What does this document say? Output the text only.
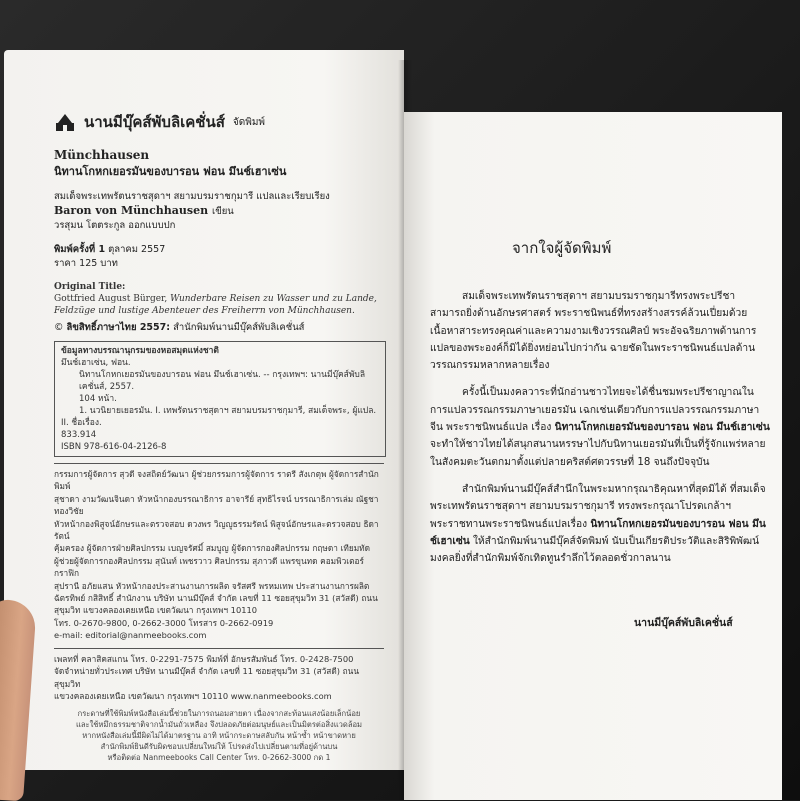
นานมีบุ๊คส์พับลิเคชั่นส์ จัดพิมพ์
Münchhausen
นิทานโกหกเยอรมันของบารอน ฟอน มึนช์เฮาเซ่น
สมเด็จพระเทพรัตนราชสุดาฯ สยามบรมราชกุมารี แปลและเรียบเรียง
Baron von Münchhausen เขียน
วรสุมน โตตระกูล ออกแบบปก
พิมพ์ครั้งที่ 1 ตุลาคม 2557
ราคา 125 บาท
Original Title:
Gottfried August Bürger, Wunderbare Reisen zu Wasser und zu Lande, Feldzüge und lustige Abenteuer des Freiherrn von Münchhausen.
© ลิขสิทธิ์ภาษาไทย 2557: สำนักพิมพ์นานมีบุ๊คส์พับลิเคชั่นส์
ข้อมูลทางบรรณานุกรมของหอสมุดแห่งชาติ
มึนช์เฮาเซ่น, ฟอน.
นิทานโกหกเยอรมันของบารอน ฟอน มึนช์เฮาเซ่น. -- กรุงเทพฯ: นานมีบุ๊คส์พับลิเคชั่นส์, 2557.
104 หน้า.
1. นวนิยายเยอรมัน. I. เทพรัตนราชสุดาฯ สยามบรมราชกุมารี, สมเด็จพระ, ผู้แปล.
II. ชื่อเรื่อง.
833.914
ISBN 978-616-04-2126-8
กรรมการผู้จัดการ สุวดี จงสถิตย์วัฒนา ผู้ช่วยกรรมการผู้จัดการ ราตรี สังเกตุพ ผู้จัดการสำนักพิมพ์
สุชาดา งามวัฒนจินดา หัวหน้ากองบรรณาธิการ อาจารีย์ สุทธิไรจน์ บรรณาธิการเล่ม ณัฐชา ทองวิชัย
หัวหน้ากองพิสูจน์อักษรและตรวจสอบ ดวงพร วิญญูธรรมรัตน์ พิสูจน์อักษรและตรวจสอบ ธิดารัตน์
คุ้มครอง ผู้จัดการฝ่ายศิลปกรรม เบญจรัศมิ์ สมบูญ ผู้จัดการกองศิลปกรรม กฤษดา เทียมทัด
ผู้ช่วยผู้จัดการกองศิลปกรรม สุนันท์ เพชรวาว ศิลปกรรม สุภาวดี แพรขุนทด คอมพิวเตอร์กราฟิก
สุปรานี อภัยแสน หัวหน้ากองประสานงานการผลิต จรัสศรี พรหมเทพ ประสานงานการผลิต
ฉัตรทิพย์ กสิสิทธิ์ สำนักงาน บริษัท นานมีบุ๊คส์ จำกัด เลขที่ 11 ซอยสุขุมวิท 31 (สวัสดี) ถนน
สุขุมวิท แขวงคลองเตยเหนือ เขตวัฒนา กรุงเทพฯ 10110
โทร. 0-2670-9800, 0-2662-3000 โทรสาร 0-2662-0919
e-mail: editorial@nanmeebooks.com
เพลทที่ คลาสิคสแกน โทร. 0-2291-7575 พิมพ์ที่ อักษรสัมพันธ์ โทร. 0-2428-7500
จัดจำหน่ายทั่วประเทศ บริษัท นานมีบุ๊คส์ จำกัด เลขที่ 11 ซอยสุขุมวิท 31 (สวัสดี) ถนนสุขุมวิท
แขวงคลองเตยเหนือ เขตวัฒนา กรุงเทพฯ 10110 www.nanmeebooks.com
กระดาษที่ใช้พิมพ์หนังสือเล่มนี้ช่วยในการถนอมสายตา เนื่องจากสะท้อนแสงน้อยเล็กน้อย
และใช้หมึกธรรมชาติจากน้ำมันถั่วเหลือง จึงปลอดภัยต่อมนุษย์และเป็นมิตรต่อสิ่งแวดล้อม
หากหนังสือเล่มนี้มีผิดไม่ได้มาตรฐาน อาทิ หน้ากระดาษสลับกัน หน้าซ้ำ หน้าขาดหาย
สำนักพิมพ์ยินดีรับผิดชอบเปลี่ยนใหม่ให้ โปรดส่งไปเปลี่ยนตามที่อยู่ด้านบน
หรือติดต่อ Nanmeebooks Call Center โทร. 0-2662-3000 กด 1
จากใจผู้จัดพิมพ์

สมเด็จพระเทพรัตนราชสุดาฯ สยามบรมราชกุมารีทรงพระปรีชาสามารถยิ่งด้านอักษรศาสตร์ พระราชนิพนธ์ที่ทรงสร้างสรรค์ล้วนเปี่ยมด้วยเนื้อหาสาระทรงคุณค่าและความงามเชิงวรรณศิลป์ พระอัจฉริยภาพด้านการแปลของพระองค์ก็มิได้ยิ่งหย่อนไปกว่ากัน ฉายชัดในพระราชนิพนธ์แปลด้านวรรณกรรมหลากหลายเรื่อง

ครั้งนี้เป็นมงคลวาระที่นักอ่านชาวไทยจะได้ชื่นชมพระปรีชาญาณในการแปลวรรณกรรมภาษาเยอรมัน เฉกเช่นเดียวกับการแปลวรรณกรรมภาษาจีน พระราชนิพนธ์แปล เรื่อง นิทานโกหกเยอรมันของบารอน ฟอน มึนช์เฮาเซ่น จะทำให้ชาวไทยได้สนุกสนานหรรษาไปกับนิทานเยอรมันที่เป็นที่รู้จักแพร่หลายในสังคมตะวันตกมาตั้งแต่ปลายคริสต์ศตวรรษที่ 18 จนถึงปัจจุบัน

สำนักพิมพ์นานมีบุ๊คส์สำนึกในพระมหากรุณาธิคุณหาที่สุดมิได้ ที่สมเด็จพระเทพรัตนราชสุดาฯ สยามบรมราชกุมารี ทรงพระกรุณาโปรดเกล้าฯ พระราชทานพระราชนิพนธ์แปลเรื่อง นิทานโกหกเยอรมันของบารอน ฟอน มึนช์เฮาเซ่น ให้สำนักพิมพ์นานมีบุ๊คส์จัดพิมพ์ นับเป็นเกียรติประวัติและสิริพิพัฒน์มงคลยิ่งที่สำนักพิมพ์จักเทิดทูนรำลึกไว้ตลอดชั่วกาลนาน

นานมีบุ๊คส์พับลิเคชั่นส์
